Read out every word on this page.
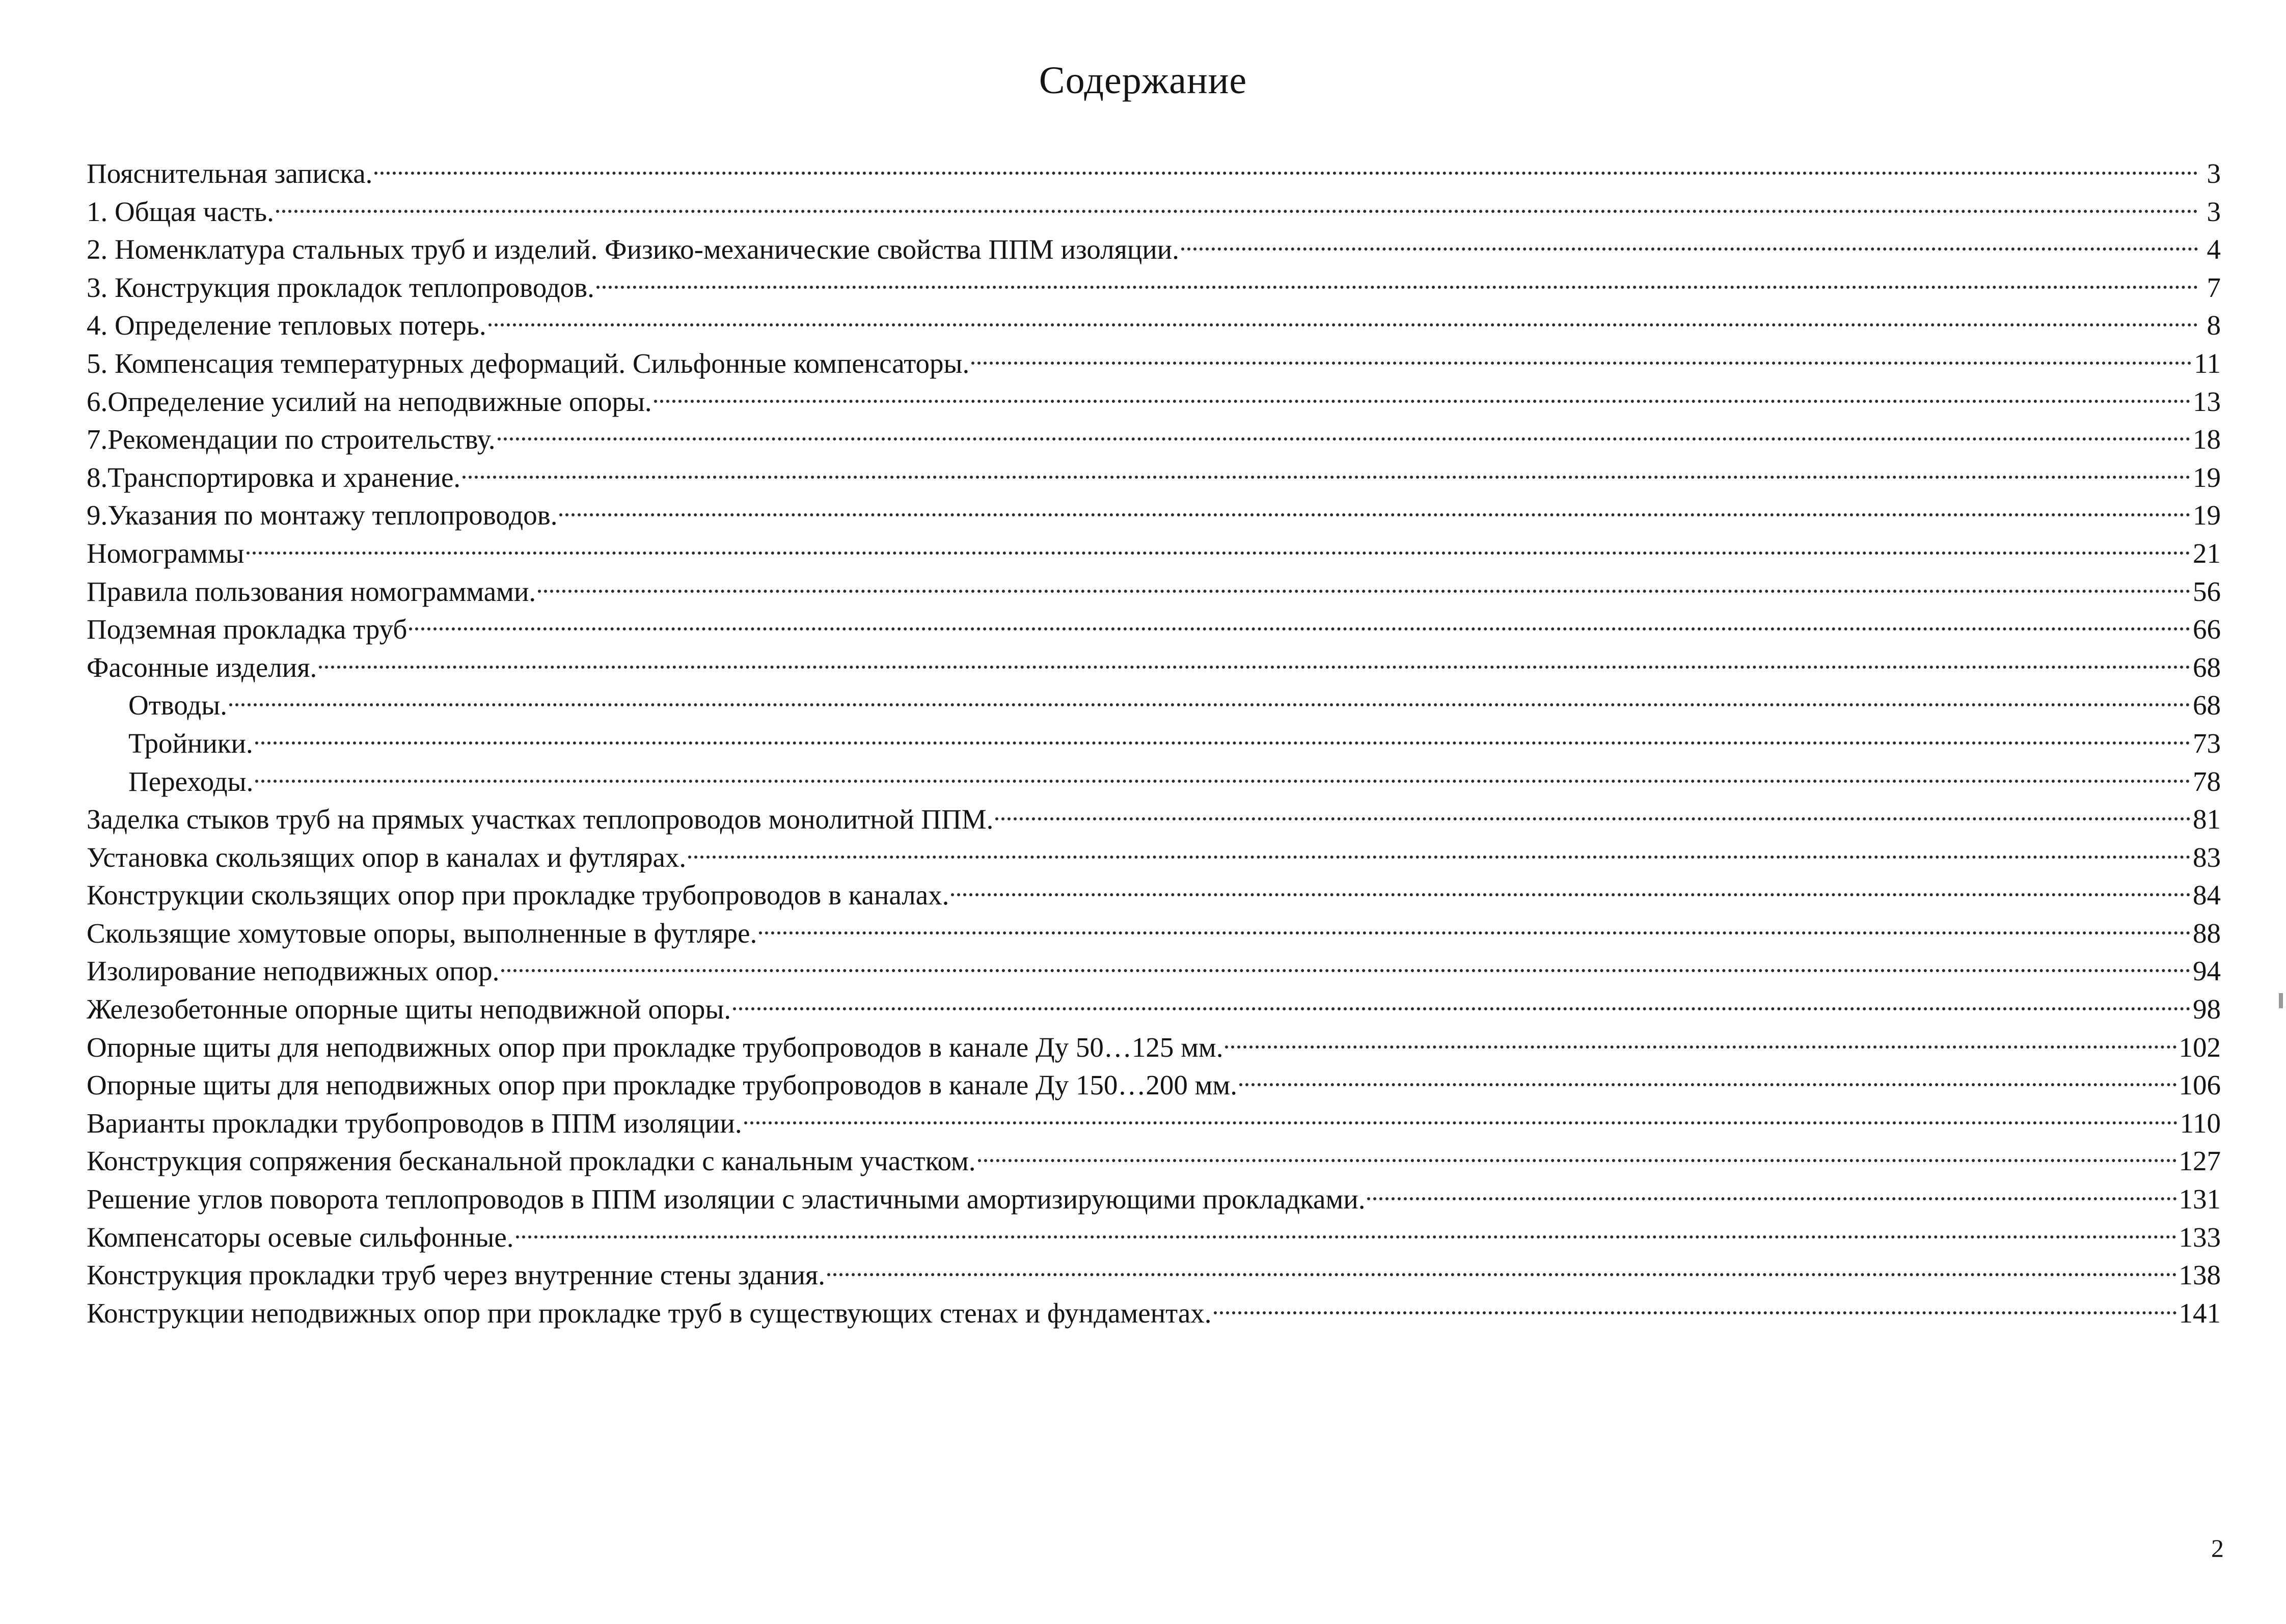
Содержание
Пояснительная записка.	3
1. Общая часть.	3
2. Номенклатура стальных труб и изделий. Физико-механические свойства ППМ изоляции.	4
3. Конструкция прокладок теплопроводов.	7
4. Определение тепловых потерь.	8
5. Компенсация температурных деформаций. Сильфонные компенсаторы.	11
6.Определение усилий на неподвижные опоры.	13
7.Рекомендации по строительству.	18
8.Транспортировка и хранение.	19
9.Указания по монтажу теплопроводов.	19
Номограммы	21
Правила пользования номограммами.	56
Подземная прокладка труб	66
Фасонные изделия.	68
Отводы.	68
Тройники.	73
Переходы.	78
Заделка стыков труб на прямых участках теплопроводов монолитной ППМ.	81
Установка скользящих опор в каналах и футлярах.	83
Конструкции скользящих опор при прокладке трубопроводов в каналах.	84
Скользящие хомутовые опоры, выполненные в футляре.	88
Изолирование неподвижных опор.	94
Железобетонные опорные щиты неподвижной опоры.	98
Опорные щиты для неподвижных опор при прокладке трубопроводов в канале Ду 50…125 мм.	102
Опорные щиты для неподвижных опор при прокладке трубопроводов в канале Ду 150…200 мм.	106
Варианты прокладки трубопроводов в ППМ изоляции.	110
Конструкция сопряжения бесканальной прокладки с канальным участком.	127
Решение углов поворота теплопроводов в ППМ изоляции с эластичными амортизирующими прокладками.	131
Компенсаторы осевые сильфонные.	133
Конструкция прокладки труб через внутренние стены здания.	138
Конструкции неподвижных опор при прокладке труб в существующих стенах и фундаментах.	141
2
